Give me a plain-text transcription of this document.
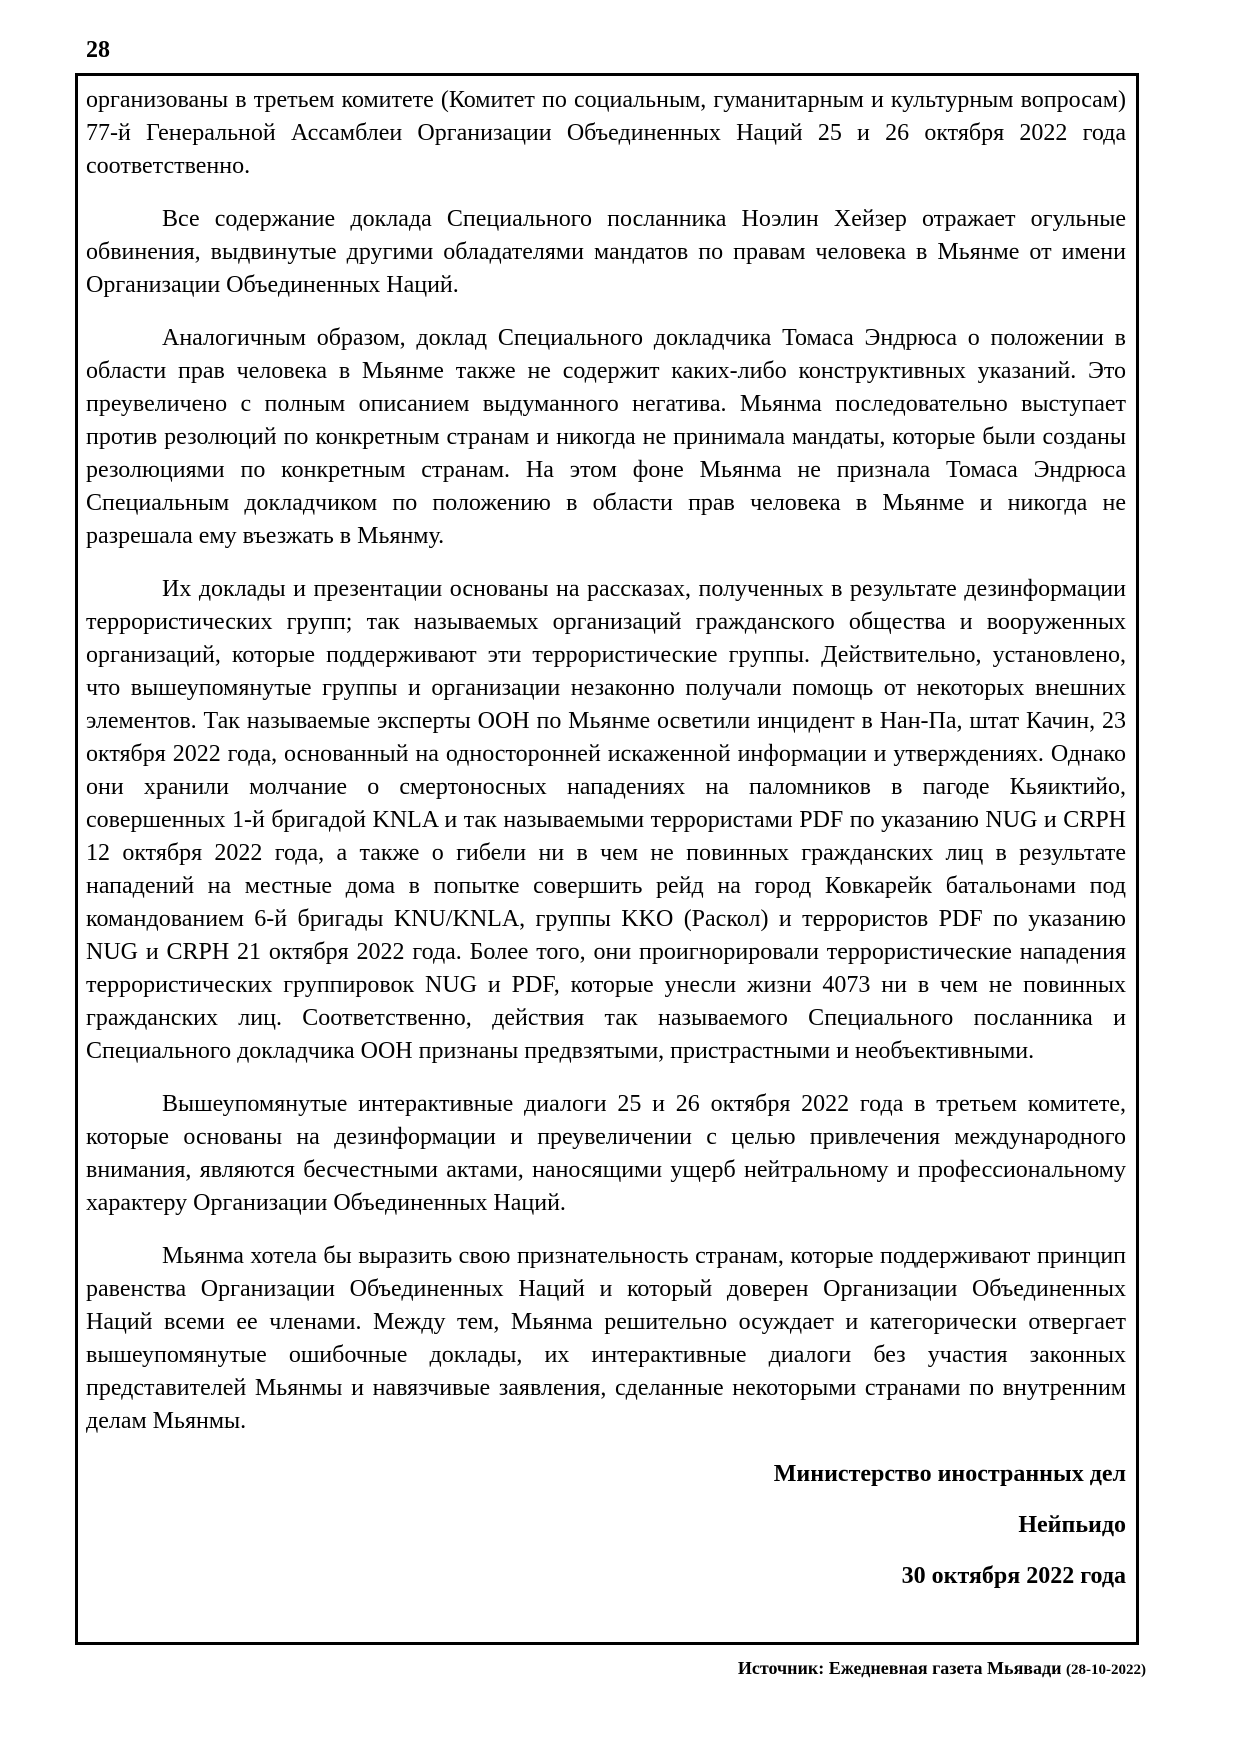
28

организованы в третьем комитете (Комитет по социальным, гуманитарным и культурным вопросам) 77-й Генеральной Ассамблеи Организации Объединенных Наций 25 и 26 октября 2022 года соответственно.

Все содержание доклада Специального посланника Ноэлин Хейзер отражает огульные обвинения, выдвинутые другими обладателями мандатов по правам человека в Мьянме от имени Организации Объединенных Наций.

Аналогичным образом, доклад Специального докладчика Томаса Эндрюса о положении в области прав человека в Мьянме также не содержит каких-либо конструктивных указаний. Это преувеличено с полным описанием выдуманного негатива. Мьянма последовательно выступает против резолюций по конкретным странам и никогда не принимала мандаты, которые были созданы резолюциями по конкретным странам. На этом фоне Мьянма не признала Томаса Эндрюса Специальным докладчиком по положению в области прав человека в Мьянме и никогда не разрешала ему въезжать в Мьянму.

Их доклады и презентации основаны на рассказах, полученных в результате дезинформации террористических групп; так называемых организаций гражданского общества и вооруженных организаций, которые поддерживают эти террористические группы. Действительно, установлено, что вышеупомянутые группы и организации незаконно получали помощь от некоторых внешних элементов. Так называемые эксперты ООН по Мьянме осветили инцидент в Нан-Па, штат Качин, 23 октября 2022 года, основанный на односторонней искаженной информации и утверждениях. Однако они хранили молчание о смертоносных нападениях на паломников в пагоде Кьяиктийо, совершенных 1-й бригадой KNLA и так называемыми террористами PDF по указанию NUG и CRPH 12 октября 2022 года, а также о гибели ни в чем не повинных гражданских лиц в результате нападений на местные дома в попытке совершить рейд на город Ковкарейк батальонами под командованием 6-й бригады KNU/KNLA, группы KKO (Раскол) и террористов PDF по указанию NUG и CRPH 21 октября 2022 года. Более того, они проигнорировали террористические нападения террористических группировок NUG и PDF, которые унесли жизни 4073 ни в чем не повинных гражданских лиц. Соответственно, действия так называемого Специального посланника и Специального докладчика ООН признаны предвзятыми, пристрастными и необъективными.

Вышеупомянутые интерактивные диалоги 25 и 26 октября 2022 года в третьем комитете, которые основаны на дезинформации и преувеличении с целью привлечения международного внимания, являются бесчестными актами, наносящими ущерб нейтральному и профессиональному характеру Организации Объединенных Наций.

Мьянма хотела бы выразить свою признательность странам, которые поддерживают принцип равенства Организации Объединенных Наций и который доверен Организации Объединенных Наций всеми ее членами. Между тем, Мьянма решительно осуждает и категорически отвергает вышеупомянутые ошибочные доклады, их интерактивные диалоги без участия законных представителей Мьянмы и навязчивые заявления, сделанные некоторыми странами по внутренним делам Мьянмы.

Министерство иностранных дел

Нейпьидо

30 октября 2022 года

Источник: Ежедневная газета Мьявади (28-10-2022)
